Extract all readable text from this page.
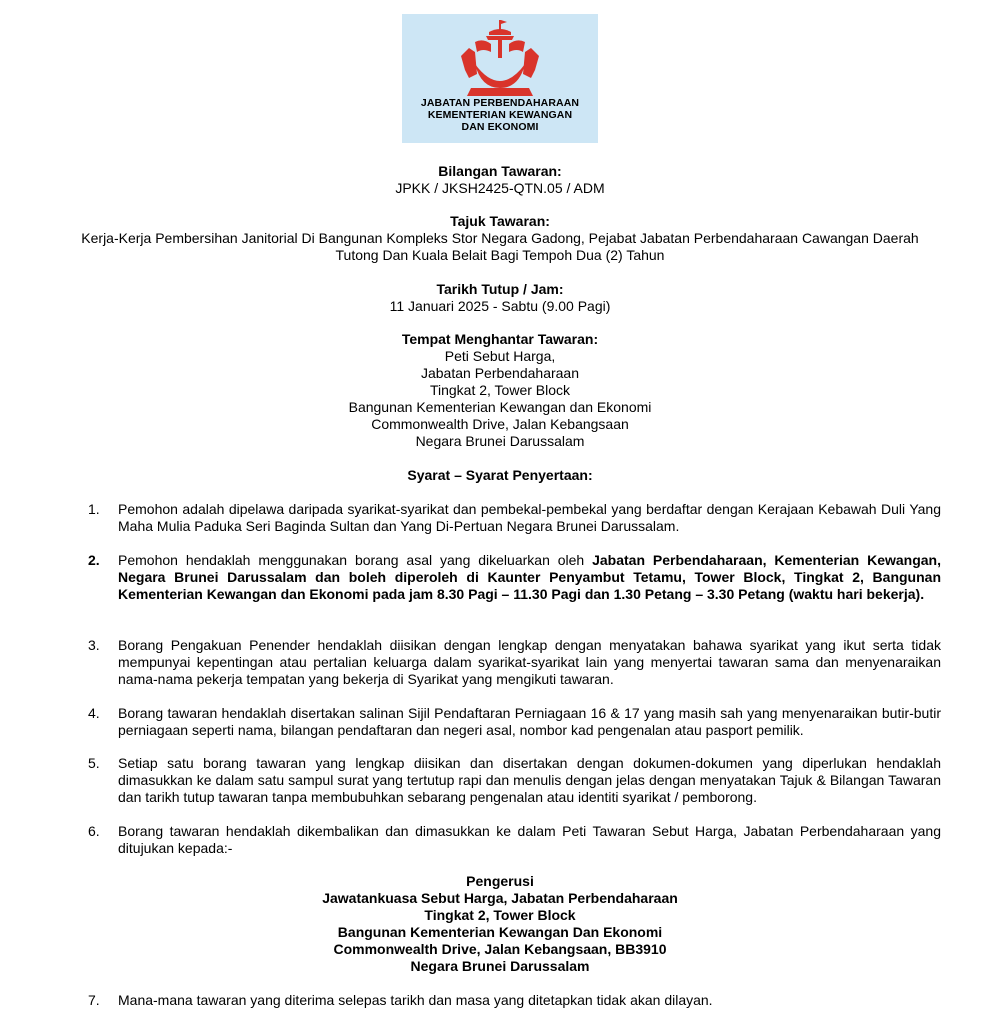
JABATAN PERBENDAHARAAN
KEMENTERIAN KEWANGAN
DAN EKONOMI
Bilangan Tawaran:
JPKK / JKSH2425-QTN.05 / ADM
Tajuk Tawaran:
Kerja-Kerja Pembersihan Janitorial Di Bangunan Kompleks Stor Negara Gadong, Pejabat Jabatan Perbendaharaan Cawangan Daerah
Tutong Dan Kuala Belait Bagi Tempoh Dua (2) Tahun
Tarikh Tutup / Jam:
11 Januari 2025 - Sabtu (9.00 Pagi)
Tempat Menghantar Tawaran:
Peti Sebut Harga,
Jabatan Perbendaharaan
Tingkat 2, Tower Block
Bangunan Kementerian Kewangan dan Ekonomi
Commonwealth Drive, Jalan Kebangsaan
Negara Brunei Darussalam
Syarat – Syarat Penyertaan:
1. Pemohon adalah dipelawa daripada syarikat-syarikat dan pembekal-pembekal yang berdaftar dengan Kerajaan Kebawah Duli Yang Maha Mulia Paduka Seri Baginda Sultan dan Yang Di-Pertuan Negara Brunei Darussalam.
2. Pemohon hendaklah menggunakan borang asal yang dikeluarkan oleh Jabatan Perbendaharaan, Kementerian Kewangan, Negara Brunei Darussalam dan boleh diperoleh di Kaunter Penyambut Tetamu, Tower Block, Tingkat 2, Bangunan Kementerian Kewangan dan Ekonomi pada jam 8.30 Pagi – 11.30 Pagi dan 1.30 Petang – 3.30 Petang (waktu hari bekerja).
3. Borang Pengakuan Penender hendaklah diisikan dengan lengkap dengan menyatakan bahawa syarikat yang ikut serta tidak mempunyai kepentingan atau pertalian keluarga dalam syarikat-syarikat lain yang menyertai tawaran sama dan menyenaraikan nama-nama pekerja tempatan yang bekerja di Syarikat yang mengikuti tawaran.
4. Borang tawaran hendaklah disertakan salinan Sijil Pendaftaran Perniagaan 16 & 17 yang masih sah yang menyenaraikan butir-butir perniagaan seperti nama, bilangan pendaftaran dan negeri asal, nombor kad pengenalan atau pasport pemilik.
5. Setiap satu borang tawaran yang lengkap diisikan dan disertakan dengan dokumen-dokumen yang diperlukan hendaklah dimasukkan ke dalam satu sampul surat yang tertutup rapi dan menulis dengan jelas dengan menyatakan Tajuk & Bilangan Tawaran dan tarikh tutup tawaran tanpa membubuhkan sebarang pengenalan atau identiti syarikat / pemborong.
6. Borang tawaran hendaklah dikembalikan dan dimasukkan ke dalam Peti Tawaran Sebut Harga, Jabatan Perbendaharaan yang ditujukan kepada:-
Pengerusi
Jawatankuasa Sebut Harga, Jabatan Perbendaharaan
Tingkat 2, Tower Block
Bangunan Kementerian Kewangan Dan Ekonomi
Commonwealth Drive, Jalan Kebangsaan, BB3910
Negara Brunei Darussalam
7. Mana-mana tawaran yang diterima selepas tarikh dan masa yang ditetapkan tidak akan dilayan.
